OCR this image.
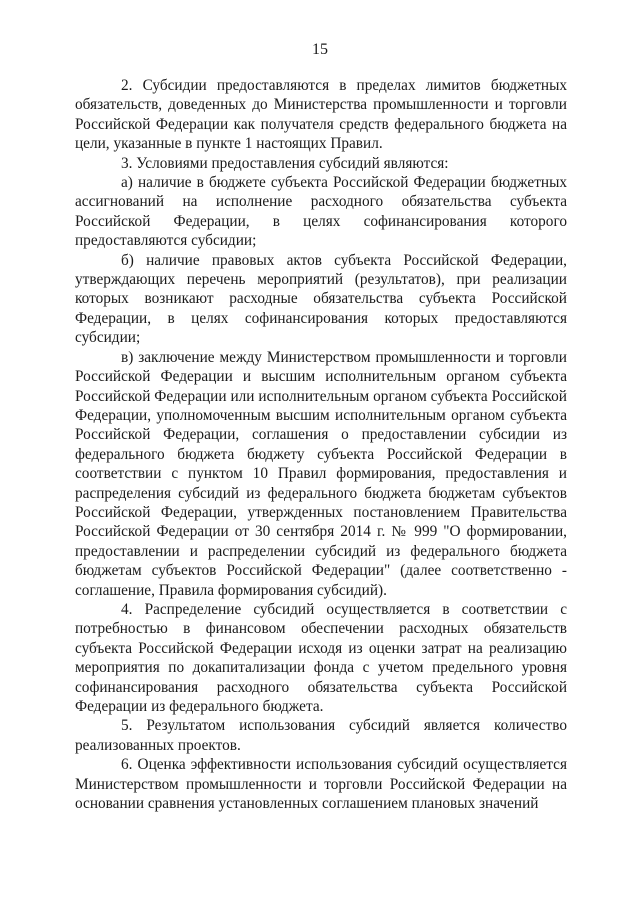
15

2. Субсидии предоставляются в пределах лимитов бюджетных обязательств, доведенных до Министерства промышленности и торговли Российской Федерации как получателя средств федерального бюджета на цели, указанные в пункте 1 настоящих Правил.

3. Условиями предоставления субсидий являются:

а) наличие в бюджете субъекта Российской Федерации бюджетных ассигнований на исполнение расходного обязательства субъекта Российской Федерации, в целях софинансирования которого предоставляются субсидии;

б) наличие правовых актов субъекта Российской Федерации, утверждающих перечень мероприятий (результатов), при реализации которых возникают расходные обязательства субъекта Российской Федерации, в целях софинансирования которых предоставляются субсидии;

в) заключение между Министерством промышленности и торговли Российской Федерации и высшим исполнительным органом субъекта Российской Федерации или исполнительным органом субъекта Российской Федерации, уполномоченным высшим исполнительным органом субъекта Российской Федерации, соглашения о предоставлении субсидии из федерального бюджета бюджету субъекта Российской Федерации в соответствии с пунктом 10 Правил формирования, предоставления и распределения субсидий из федерального бюджета бюджетам субъектов Российской Федерации, утвержденных постановлением Правительства Российской Федерации от 30 сентября 2014 г. № 999 "О формировании, предоставлении и распределении субсидий из федерального бюджета бюджетам субъектов Российской Федерации" (далее соответственно - соглашение, Правила формирования субсидий).

4. Распределение субсидий осуществляется в соответствии с потребностью в финансовом обеспечении расходных обязательств субъекта Российской Федерации исходя из оценки затрат на реализацию мероприятия по докапитализации фонда с учетом предельного уровня софинансирования расходного обязательства субъекта Российской Федерации из федерального бюджета.

5. Результатом использования субсидий является количество реализованных проектов.

6. Оценка эффективности использования субсидий осуществляется Министерством промышленности и торговли Российской Федерации на основании сравнения установленных соглашением плановых значений
